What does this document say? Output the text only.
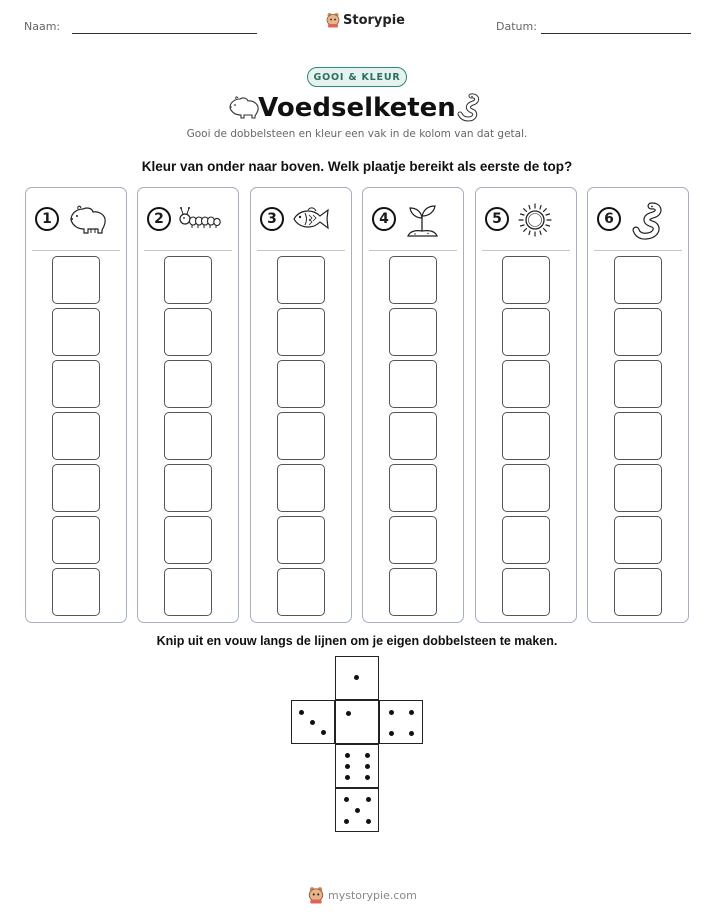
Naam:	Storypie	Datum:
GOOI & KLEUR
Voedselketen
Gooi de dobbelsteen en kleur een vak in de kolom van dat getal.
Kleur van onder naar boven. Welk plaatje bereikt als eerste de top?
1	2	3	4	5	6
Knip uit en vouw langs de lijnen om je eigen dobbelsteen te maken.
mystorypie.com
